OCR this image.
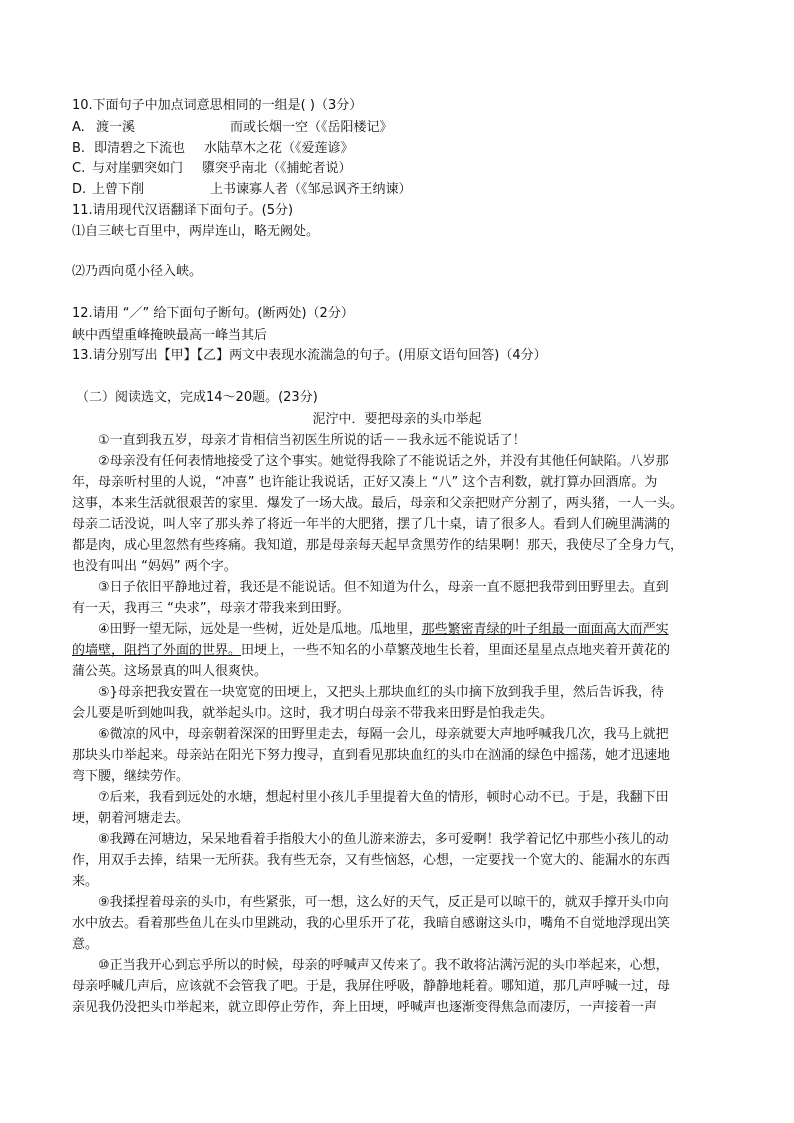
10.下面句子中加点词意思相同的一组是( )（3分）
A. 渡一溪	而或长烟一空（《岳阳楼记》
B. 即清碧之下流也 水陆草木之花（《爱莲谚》
C. 与对崖驷突如门 隳突乎南北（《捕蛇者说）
D. 上曾下削	上书谏寡人者（《邹忌讽齐王纳谏）
11.请用现代汉语翻译下面句子。(5分)
⑴自三峡七百里中，两岸连山，略无阙处。
⑵乃西向觅小径入峡。
12.请用 “／” 给下面句子断句。(断两处)（2分）
峡中西望重峰掩映最高一峰当其后
13.请分别写出【甲】【乙】两文中表现水流湍急的句子。(用原文语句回答)（4分）
（二）阅读选文，完成14～20题。(23分)
泥泞中．要把母亲的头巾举起
①一直到我五岁，母亲才肯相信当初医生所说的话－－我永远不能说话了！
②母亲没有任何表情地接受了这个事实。她觉得我除了不能说话之外，并没有其他任何缺陷。八岁那
年，母亲听村里的人说，“冲喜” 也许能让我说话，正好又凑上 “八” 这个吉利数，就打算办回酒席。为
这事，本来生活就很艰苦的家里．爆发了一场大战。最后，母亲和父亲把财产分割了，两头猪，一人一头。
母亲二话没说，叫人宰了那头养了将近一年半的大肥猪，摆了几十桌，请了很多人。看到人们碗里满满的
都是肉，成心里忽然有些疼痛。我知道，那是母亲每天起早贪黑劳作的结果啊！那天，我使尽了全身力气，
也没有叫出 “妈妈” 两个字。
③日子依旧平静地过着，我还是不能说话。但不知道为什么，母亲一直不愿把我带到田野里去。直到
有一天，我再三 “央求”，母亲才带我来到田野。
④田野一望无际，远处是一些树，近处是瓜地。瓜地里，那些繁密青绿的叶子组最一面面高大而严实
的墙壁，阻挡了外面的世界。田埂上，一些不知名的小草繁茂地生长着，里面还星星点点地夹着开黄花的
蒲公英。这场景真的叫人很爽快。
⑤}母亲把我安置在一块宽宽的田埂上，又把头上那块血红的头巾摘下放到我手里，然后告诉我，待
会儿要是听到她叫我，就举起头巾。这时，我才明白母亲不带我来田野是怕我走失。
⑥微凉的风中，母亲朝着深深的田野里走去，每隔一会儿，母亲就要大声地呼喊我几次，我马上就把
那块头巾举起来。母亲站在阳光下努力搜寻，直到看见那块血红的头巾在汹涌的绿色中摇荡，她才迅速地
弯下腰，继续劳作。
⑦后来，我看到远处的水塘，想起村里小孩儿手里提着大鱼的情形，顿时心动不已。于是，我翻下田
埂，朝着河塘走去。
⑧我蹲在河塘边，呆呆地看着手指般大小的鱼儿游来游去，多可爱啊！我学着记忆中那些小孩儿的动
作，用双手去捧，结果一无所获。我有些无奈，又有些恼怒，心想，一定要找一个宽大的、能漏水的东西
来。
⑨我揉捏着母亲的头巾，有些紧张，可一想，这么好的天气，反正是可以晾干的，就双手撑开头巾向
水中放去。看着那些鱼儿在头巾里跳动，我的心里乐开了花，我暗自感谢这头巾，嘴角不自觉地浮现出笑
意。
⑩正当我开心到忘乎所以的时候，母亲的呼喊声又传来了。我不敢将沾满污泥的头巾举起来，心想，
母亲呼喊几声后，应该就不会管我了吧。于是，我屏住呼吸，静静地耗着。哪知道，那几声呼喊一过，母
亲见我仍没把头巾举起来，就立即停止劳作，奔上田埂，呼喊声也逐渐变得焦急而凄厉，一声接着一声
